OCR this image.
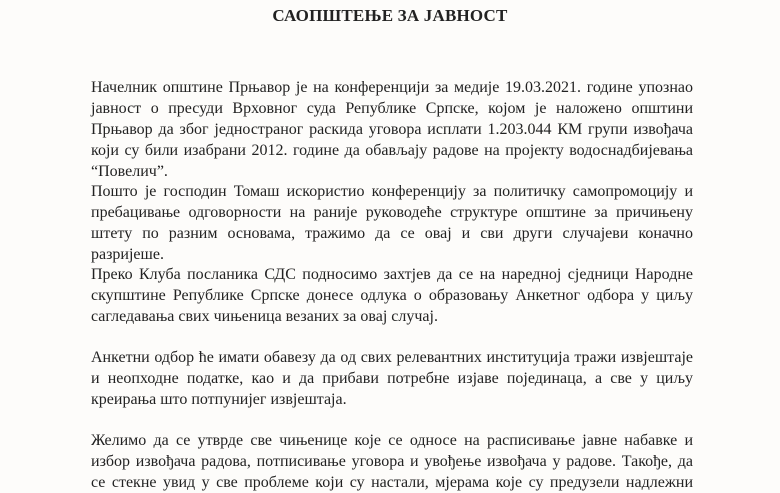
САОПШТЕЊЕ ЗА ЈАВНОСТ

Начелник општине Прњавор је на конференцији за медије 19.03.2021. године упознао
јавност о пресуди Врховног суда Републике Српске, којом је наложено општини
Прњавор да због једностраног раскида уговора исплати 1.203.044 КМ групи извођача
који су били изабрани 2012. године да обављају радове на пројекту водоснадбијевања
“Повелич”.

Пошто је господин Томаш искористио конференцију за политичку самопромоцију и
пребацивање одговорности на раније руководеће структуре општине за причињену
штету по разним основама, тражимо да се овај и сви други случајеви коначно
разријеше.

Преко Клуба посланика СДС подносимо захтјев да се на наредној сједници Народне
скупштине Републике Српске донесе одлука о образовању Анкетног одбора у циљу
сагледавања свих чињеница везаних за овај случај.

Анкетни одбор ће имати обавезу да од свих релевантних институција тражи извјештаје
и неопходне податке, као и да прибави потребне изјаве појединаца, а све у циљу
креирања што потпунијег извјештаја.

Желимо да се утврде све чињенице које се односе на расписивање јавне набавке и
избор извођача радова, потписивање уговора и увођење извођача у радове. Такође, да
се стекне увид у све проблеме који су настали, мјерама које су предузели надлежни
